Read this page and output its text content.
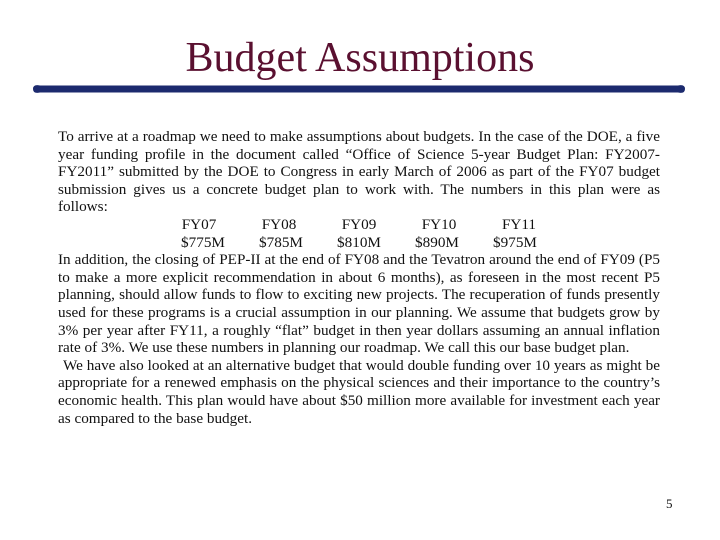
Budget Assumptions

To arrive at a roadmap we need to make assumptions about budgets. In the case of the DOE, a five year funding profile in the document called “Office of Science 5-year Budget Plan: FY2007-FY2011” submitted by the DOE to Congress in early March of 2006 as part of the FY07 budget submission gives us a concrete budget plan to work with. The numbers in this plan were as follows:

FY07	FY08	FY09	FY10	FY11
$775M	$785M	$810M	$890M	$975M

In addition, the closing of PEP-II at the end of FY08 and the Tevatron around the end of FY09 (P5 to make a more explicit recommendation in about 6 months), as foreseen in the most recent P5 planning, should allow funds to flow to exciting new projects. The recuperation of funds presently used for these programs is a crucial assumption in our planning. We assume that budgets grow by 3% per year after FY11, a roughly “flat” budget in then year dollars assuming an annual inflation rate of 3%. We use these numbers in planning our roadmap. We call this our base budget plan.

We have also looked at an alternative budget that would double funding over 10 years as might be appropriate for a renewed emphasis on the physical sciences and their importance to the country’s economic health. This plan would have about $50 million more available for investment each year as compared to the base budget.

5
